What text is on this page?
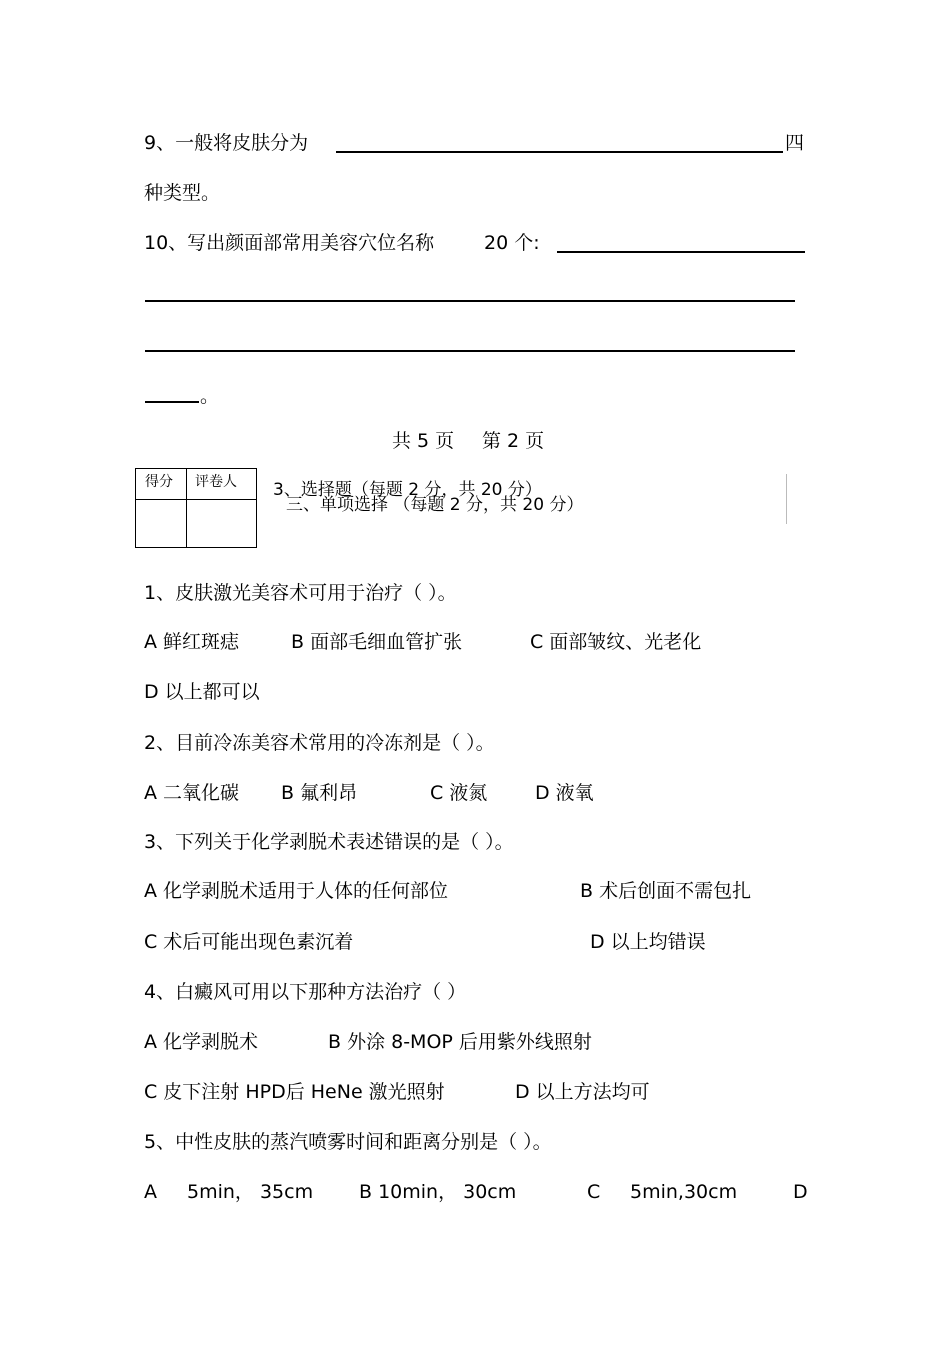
9、一般将皮肤分为	四
种类型。
10、写出颜面部常用美容穴位名称	20 个:
。
共 5 页 第 2 页
得分 评卷人 3、选择题（每题 2 分，共 20 分）
三、单项选择 （每题 2 分，共 20 分）
1、皮肤激光美容术可用于治疗（ ）。
A 鲜红斑痣	B 面部毛细血管扩张	C 面部皱纹、光老化
D 以上都可以
2、目前冷冻美容术常用的冷冻剂是（ ）。
A 二氧化碳 B 氟利昂	C 液氮	D 液氧
3、下列关于化学剥脱术表述错误的是（ ）。
A 化学剥脱术适用于人体的任何部位	B 术后创面不需包扎
C 术后可能出现色素沉着	D 以上均错误
4、白癜风可用以下那种方法治疗（ ）
A 化学剥脱术	B 外涂 8-MOP 后用紫外线照射
C 皮下注射 HPD后 HeNe 激光照射	D 以上方法均可
5、中性皮肤的蒸汽喷雾时间和距离分别是（ ）。
A 5min， 35cm B 10min， 30cm	C 5min,30cm	D
